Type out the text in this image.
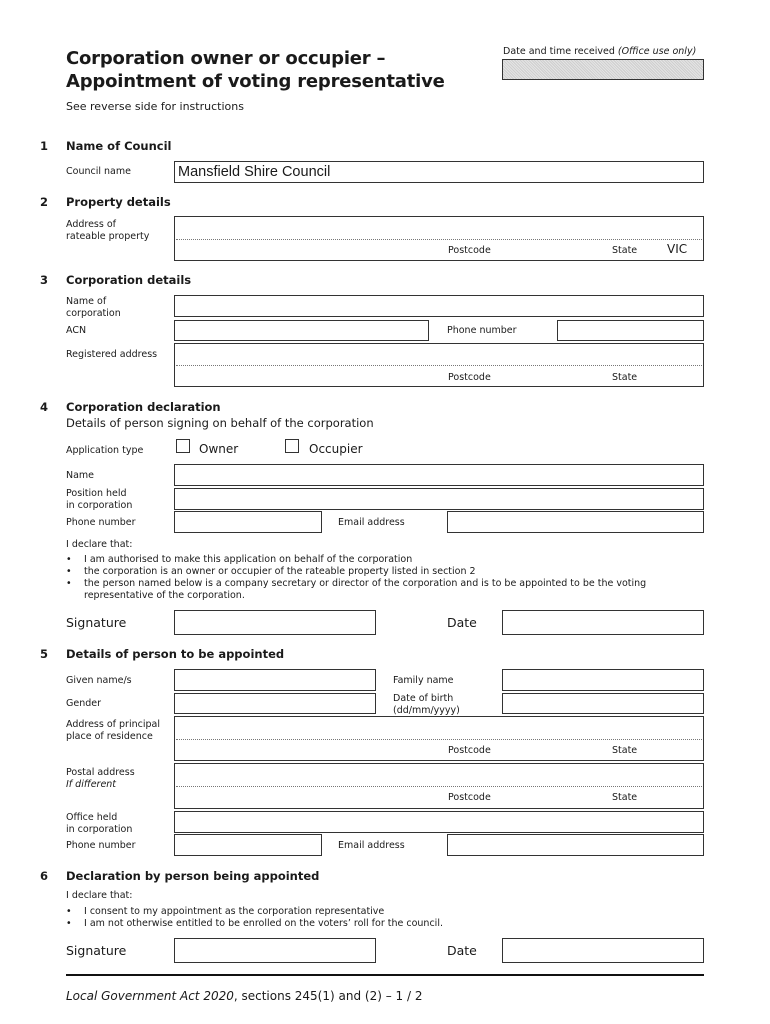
Corporation owner or occupier –
Appointment of voting representative
See reverse side for instructions
Date and time received (Office use only)
1 Name of Council
Council name	Mansfield Shire Council
2 Property details
Address of
rateable property
Postcode	State VIC
3 Corporation details
Name of
corporation
ACN	Phone number
Registered address
Postcode	State
4 Corporation declaration
Details of person signing on behalf of the corporation
Application type	Owner	Occupier
Name
Position held
in corporation
Phone number	Email address
I declare that:
• I am authorised to make this application on behalf of the corporation
• the corporation is an owner or occupier of the rateable property listed in section 2
• the person named below is a company secretary or director of the corporation and is to be appointed to be the voting
representative of the corporation.
Signature	Date
5 Details of person to be appointed
Given name/s	Family name
Gender	Date of birth
(dd/mm/yyyy)
Address of principal
place of residence
Postcode	State
Postal address
If different
Postcode	State
Office held
in corporation
Phone number	Email address
6 Declaration by person being appointed
I declare that:
• I consent to my appointment as the corporation representative
• I am not otherwise entitled to be enrolled on the voters’ roll for the council.
Signature	Date
Local Government Act 2020, sections 245(1) and (2) – 1 / 2
